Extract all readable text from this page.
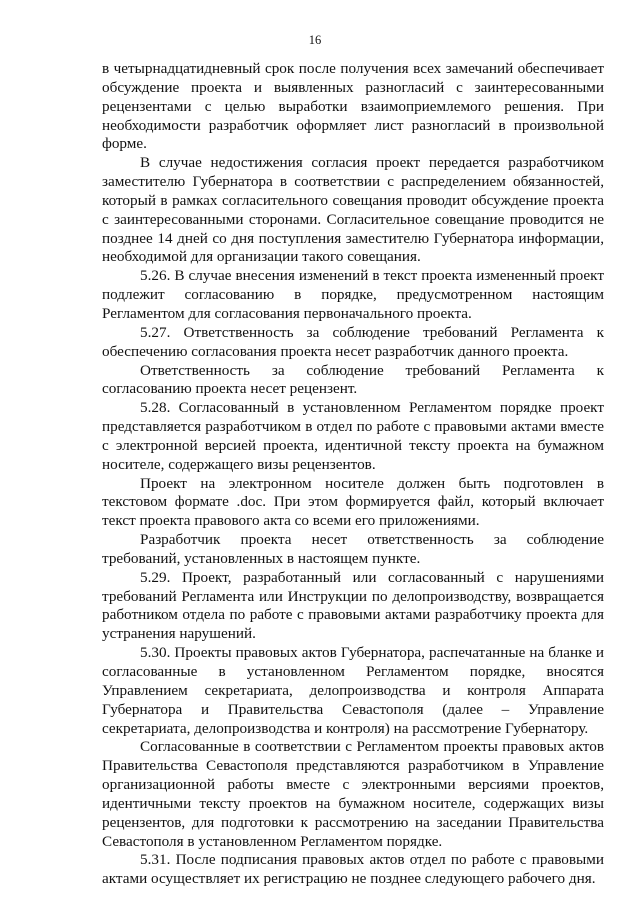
16

в четырнадцатидневный срок после получения всех замечаний обеспечивает обсуждение проекта и выявленных разногласий с заинтересованными рецензентами с целью выработки взаимоприемлемого решения. При необходимости разработчик оформляет лист разногласий в произвольной форме.

В случае недостижения согласия проект передается разработчиком заместителю Губернатора в соответствии с распределением обязанностей, который в рамках согласительного совещания проводит обсуждение проекта с заинтересованными сторонами. Согласительное совещание проводится не позднее 14 дней со дня поступления заместителю Губернатора информации, необходимой для организации такого совещания.

5.26. В случае внесения изменений в текст проекта измененный проект подлежит согласованию в порядке, предусмотренном настоящим Регламентом для согласования первоначального проекта.

5.27. Ответственность за соблюдение требований Регламента к обеспечению согласования проекта несет разработчик данного проекта.

Ответственность за соблюдение требований Регламента к согласованию проекта несет рецензент.

5.28. Согласованный в установленном Регламентом порядке проект представляется разработчиком в отдел по работе с правовыми актами вместе с электронной версией проекта, идентичной тексту проекта на бумажном носителе, содержащего визы рецензентов.

Проект на электронном носителе должен быть подготовлен в текстовом формате .doc. При этом формируется файл, который включает текст проекта правового акта со всеми его приложениями.

Разработчик проекта несет ответственность за соблюдение требований, установленных в настоящем пункте.

5.29. Проект, разработанный или согласованный с нарушениями требований Регламента или Инструкции по делопроизводству, возвращается работником отдела по работе с правовыми актами разработчику проекта для устранения нарушений.

5.30. Проекты правовых актов Губернатора, распечатанные на бланке и согласованные в установленном Регламентом порядке, вносятся Управлением секретариата, делопроизводства и контроля Аппарата Губернатора и Правительства Севастополя (далее – Управление секретариата, делопроизводства и контроля) на рассмотрение Губернатору.

Согласованные в соответствии с Регламентом проекты правовых актов Правительства Севастополя представляются разработчиком в Управление организационной работы вместе с электронными версиями проектов, идентичными тексту проектов на бумажном носителе, содержащих визы рецензентов, для подготовки к рассмотрению на заседании Правительства Севастополя в установленном Регламентом порядке.

5.31. После подписания правовых актов отдел по работе с правовыми актами осуществляет их регистрацию не позднее следующего рабочего дня.
